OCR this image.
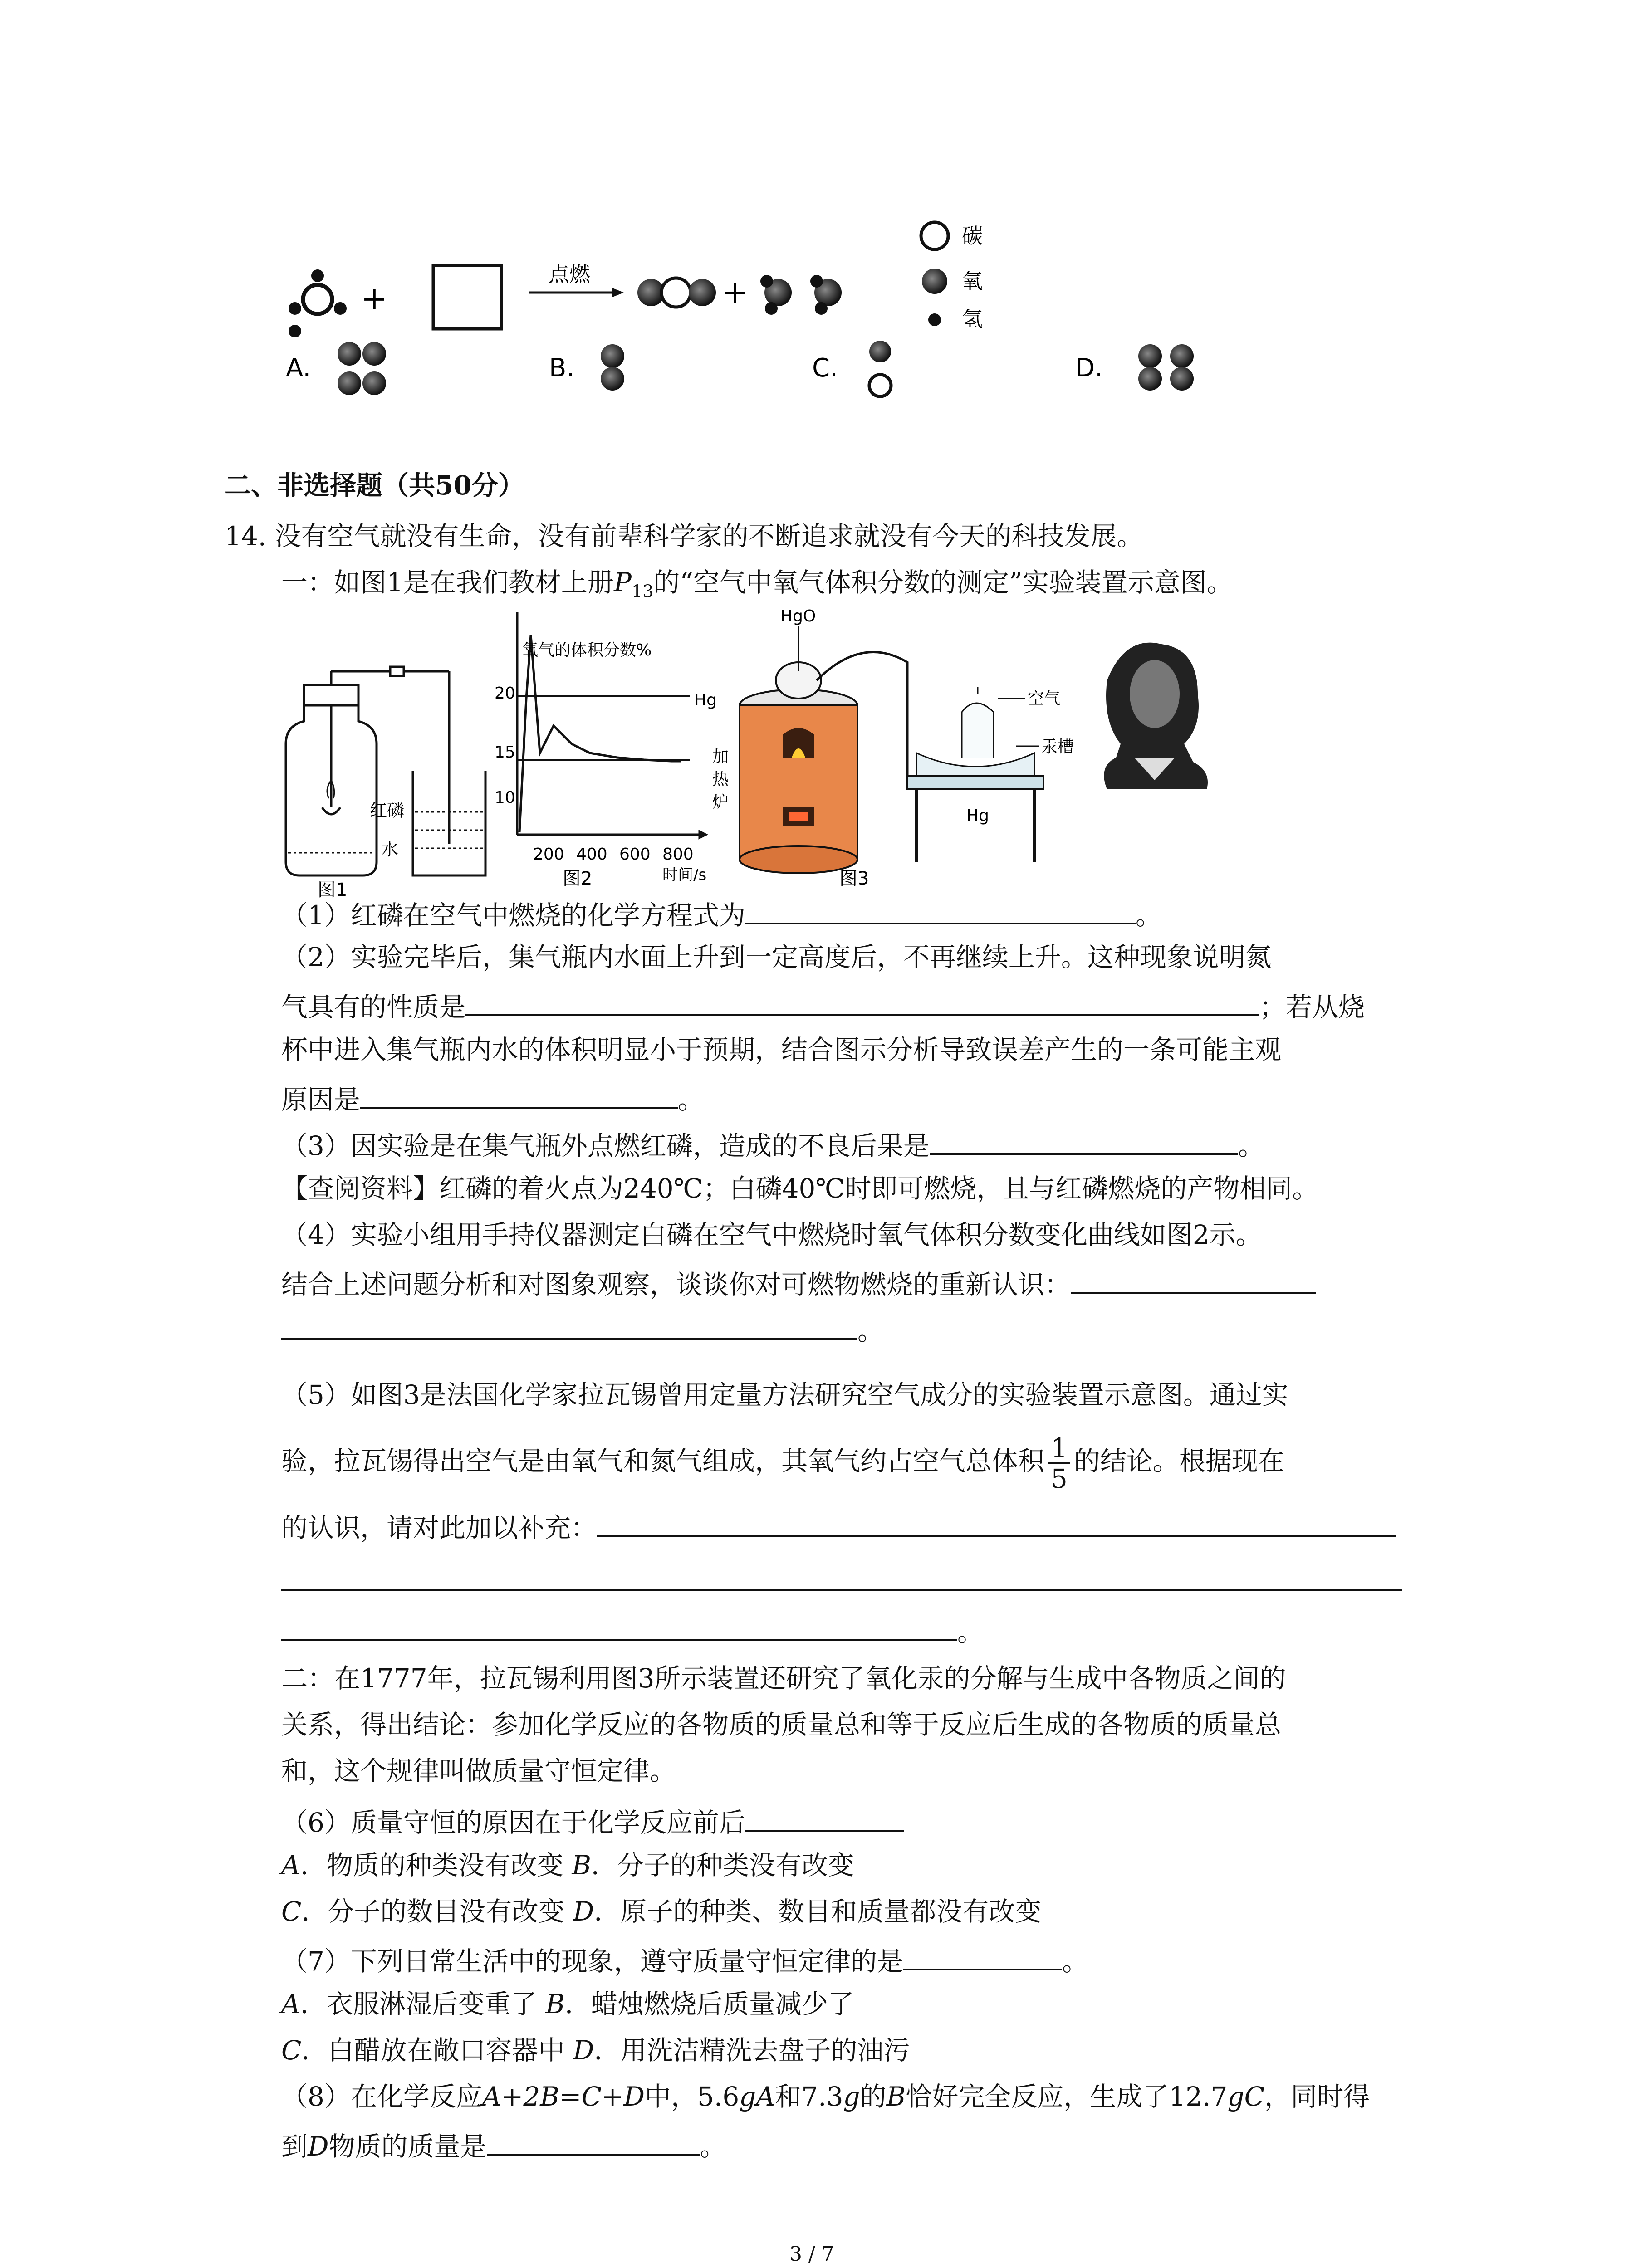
+
点燃	+
碳
氧
氢
A.	B.	C.	D.
二、非选择题（共50分）
14. 没有空气就没有生命，没有前辈科学家的不断追求就没有今天的科技发展。
一：如图1是在我们教材上册$P_{13}$的“空气中氧气体积分数的测定”实验装置示意图。
红磷
水
图1
氧气的体积分数%
20
15
10
200 400 600 800
时间/s
图2
HgO
Hg
加
热
炉
空气
汞槽
Hg
图3
（1）红磷在空气中燃烧的化学方程式为	。
（2）实验完毕后，集气瓶内水面上升到一定高度后，不再继续上升。这种现象说明氮
气具有的性质是	；若从烧
杯中进入集气瓶内水的体积明显小于预期，结合图示分析导致误差产生的一条可能主观
原因是	。
（3）因实验是在集气瓶外点燃红磷，造成的不良后果是	。
【查阅资料】红磷的着火点为240℃；白磷40℃时即可燃烧，且与红磷燃烧的产物相同。
（4）实验小组用手持仪器测定白磷在空气中燃烧时氧气体积分数变化曲线如图2示。
结合上述问题分析和对图象观察，谈谈你对可燃物燃烧的重新认识：
。
（5）如图3是法国化学家拉瓦锡曾用定量方法研究空气成分的实验装置示意图。通过实
验，拉瓦锡得出空气是由氧气和氮气组成，其氧气约占空气总体积 $\frac{1}{5}$ 的结论。根据现在
的认识，请对此加以补充：
。
二：在1777年，拉瓦锡利用图3所示装置还研究了氧化汞的分解与生成中各物质之间的
关系，得出结论：参加化学反应的各物质的质量总和等于反应后生成的各物质的质量总
和，这个规律叫做质量守恒定律。
（6）质量守恒的原因在于化学反应前后
A．物质的种类没有改变 B．分子的种类没有改变
C．分子的数目没有改变 D．原子的种类、数目和质量都没有改变
（7）下列日常生活中的现象，遵守质量守恒定律的是	。
A．衣服淋湿后变重了 B．蜡烛燃烧后质量减少了
C．白醋放在敞口容器中 D．用洗洁精洗去盘子的油污
（8）在化学反应A+2B=C+D中，5.6gA和7.3g的B恰好完全反应，生成了12.7gC，同时得
到D物质的质量是	。
3 / 7
